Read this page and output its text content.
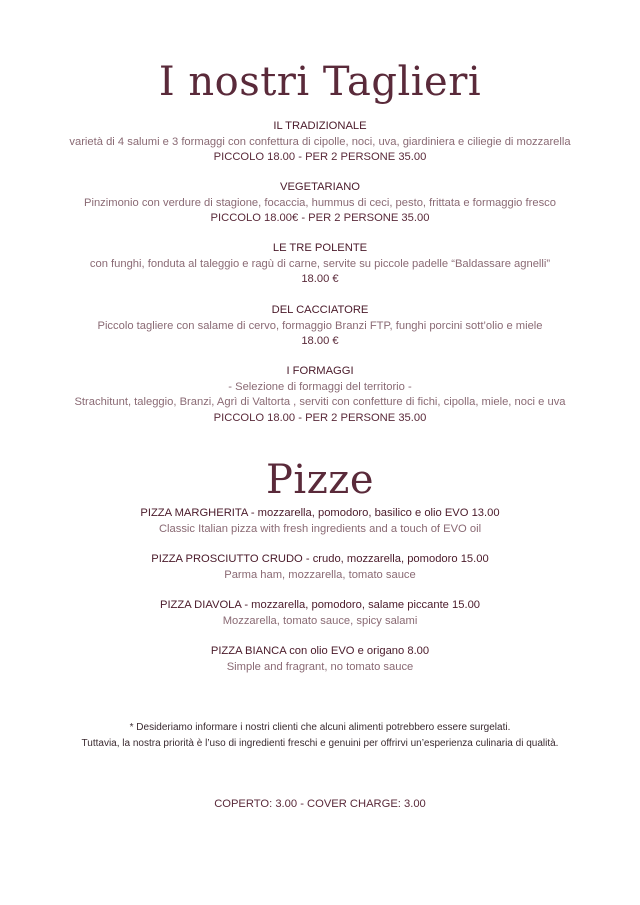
I nostri Taglieri
IL TRADIZIONALE
varietà di 4 salumi e 3 formaggi con confettura di cipolle, noci, uva, giardiniera e ciliegie di mozzarella
PICCOLO 18.00 - PER 2 PERSONE 35.00
VEGETARIANO
Pinzimonio con verdure di stagione, focaccia, hummus di ceci, pesto, frittata e formaggio fresco
PICCOLO 18.00€ - PER 2 PERSONE 35.00
LE TRE POLENTE
con funghi, fonduta al taleggio e ragù di carne, servite su piccole padelle “Baldassare agnelli”
18.00 €
DEL CACCIATORE
Piccolo tagliere con salame di cervo, formaggio Branzi FTP, funghi porcini sott’olio e miele
18.00 €
I FORMAGGI
- Selezione di formaggi del territorio -
Strachitunt, taleggio, Branzi, Agrì di Valtorta , serviti con confetture di fichi, cipolla, miele, noci e uva
PICCOLO 18.00 - PER 2 PERSONE 35.00
Pizze
PIZZA MARGHERITA - mozzarella, pomodoro, basilico e olio EVO 13.00
Classic Italian pizza with fresh ingredients and a touch of EVO oil
PIZZA PROSCIUTTO CRUDO - crudo, mozzarella, pomodoro 15.00
Parma ham, mozzarella, tomato sauce
PIZZA DIAVOLA - mozzarella, pomodoro, salame piccante 15.00
Mozzarella, tomato sauce, spicy salami
PIZZA BIANCA con olio EVO e origano 8.00
Simple and fragrant, no tomato sauce
* Desideriamo informare i nostri clienti che alcuni alimenti potrebbero essere surgelati.
Tuttavia, la nostra priorità è l’uso di ingredienti freschi e genuini per offrirvi un’esperienza culinaria di qualità.
COPERTO: 3.00 - COVER CHARGE: 3.00
